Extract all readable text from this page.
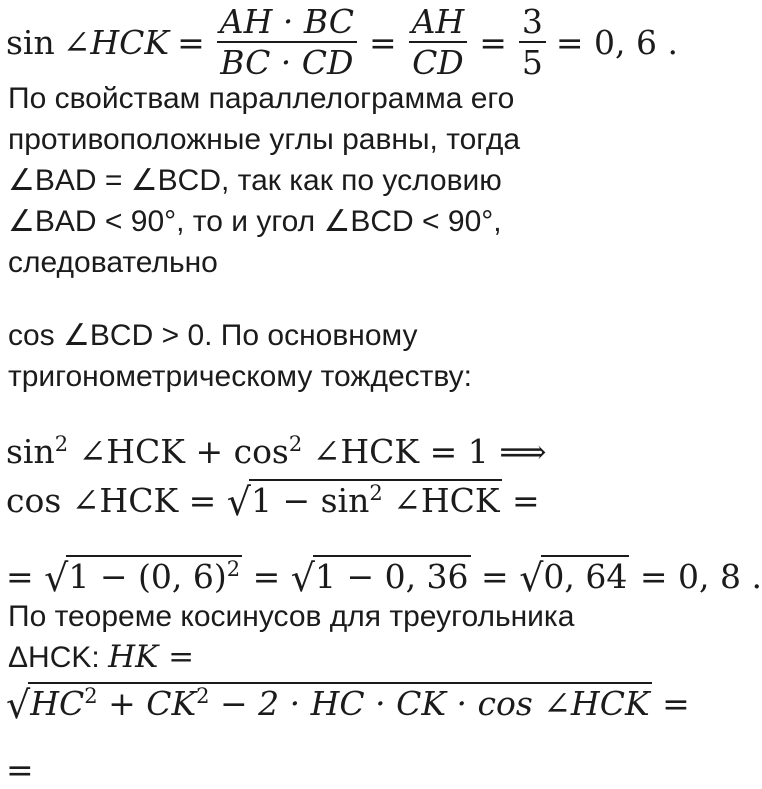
sin ∠ HCK = $\frac{AH \cdot BC}{BC \cdot CD} = \frac{AH}{CD} = \frac{3}{5} = 0$, 6 .
По свойствам параллелограмма его
противоположные углы равны, тогда
∠BAD = ∠BCD, так как по условию
∠BAD < 90°, то и угол ∠BCD < 90°,
следовательно
cos ∠BCD > 0. По основному
тригонометрическому тождеству:
$\sin^2$ ∠HCK + $\cos^2$ ∠HCK = 1 ⟹
cos ∠HCK = $√1 - \sin^2$ ∠HCK =
= √1 − (0, 6)$^2$ = √1 − 0, 36 = √0, 64 = 0, 8 .
По теореме косинусов для треугольника
ΔHCK: HK =
$√HC^2 + CK^2 - 2$ · HC · CK · cos ∠HCK =
=
